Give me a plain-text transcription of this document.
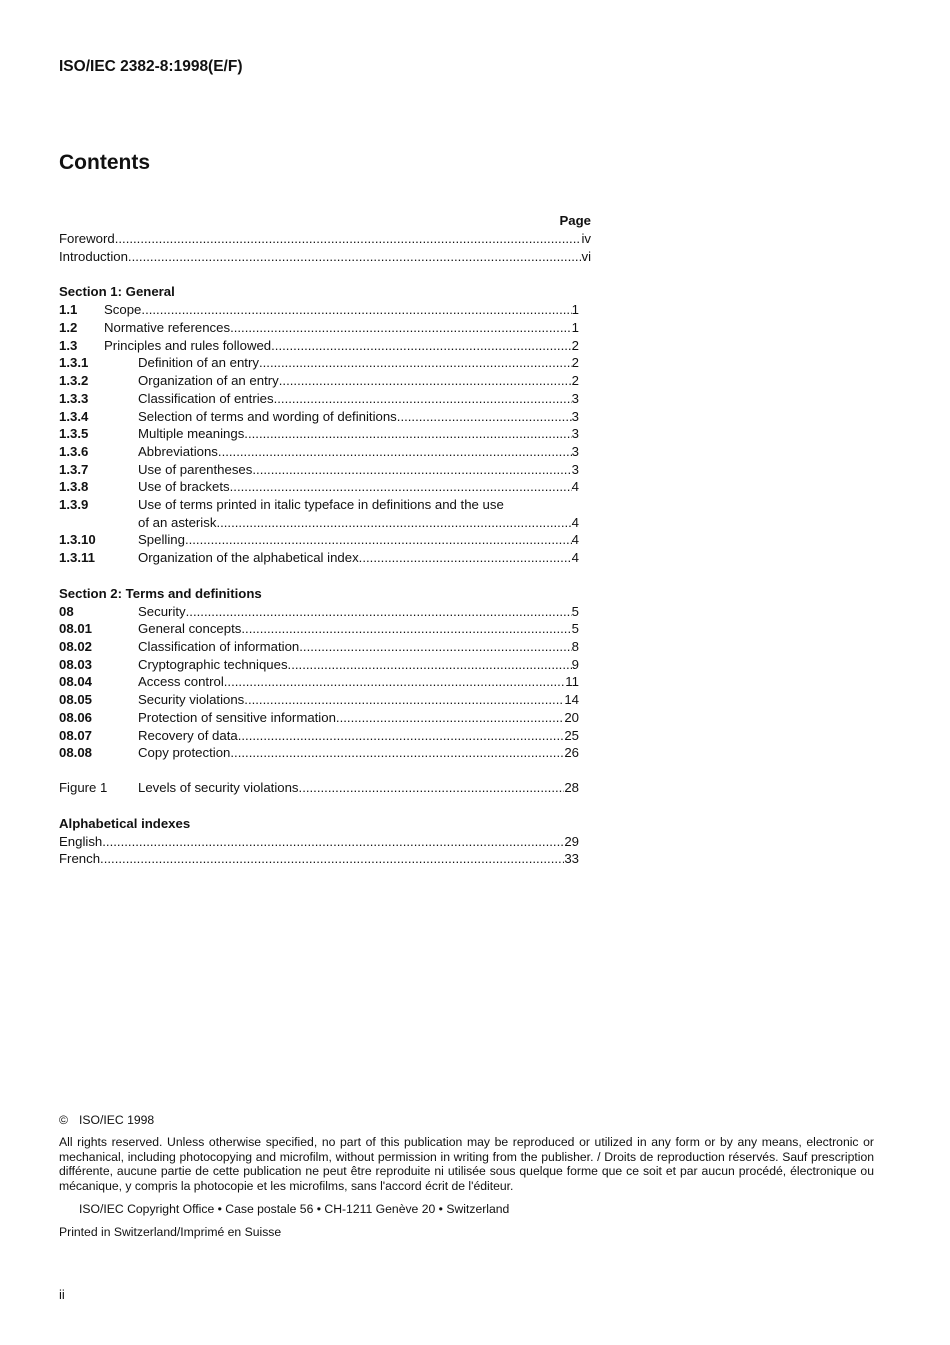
ISO/IEC 2382-8:1998(E/F)
Contents
Page
Foreword .....	iv
Introduction .....	vi
Section 1: General
1.1	Scope .....	1
1.2	Normative references .....	1
1.3	Principles and rules followed .....	2
1.3.1	Definition of an entry .....	2
1.3.2	Organization of an entry .....	2
1.3.3	Classification of entries .....	3
1.3.4	Selection of terms and wording of definitions .....	3
1.3.5	Multiple meanings .....	3
1.3.6	Abbreviations .....	3
1.3.7	Use of parentheses .....	3
1.3.8	Use of brackets .....	4
1.3.9	Use of terms printed in italic typeface in definitions and the use
of an asterisk .....	4
1.3.10	Spelling .....	4
1.3.11	Organization of the alphabetical index .....	4
Section 2: Terms and definitions
08	Security .....	5
08.01	General concepts .....	5
08.02	Classification of information .....	8
08.03	Cryptographic techniques .....	9
08.04	Access control .....	11
08.05	Security violations .....	14
08.06	Protection of sensitive information .....	20
08.07	Recovery of data .....	25
08.08	Copy protection .....	26
Figure 1	Levels of security violations .....	28
Alphabetical indexes
English .....	29
French .....	33
© ISO/IEC 1998

All rights reserved. Unless otherwise specified, no part of this publication may be reproduced or utilized in any form or by any means, electronic or mechanical, including photocopying and microfilm, without permission in writing from the publisher. / Droits de reproduction réservés. Sauf prescription différente, aucune partie de cette publication ne peut être reproduite ni utilisée sous quelque forme que ce soit et par aucun procédé, électronique ou mécanique, y compris la photocopie et les microfilms, sans l'accord écrit de l'éditeur.

ISO/IEC Copyright Office • Case postale 56 • CH-1211 Genève 20 • Switzerland
Printed in Switzerland/Imprimé en Suisse
ii
